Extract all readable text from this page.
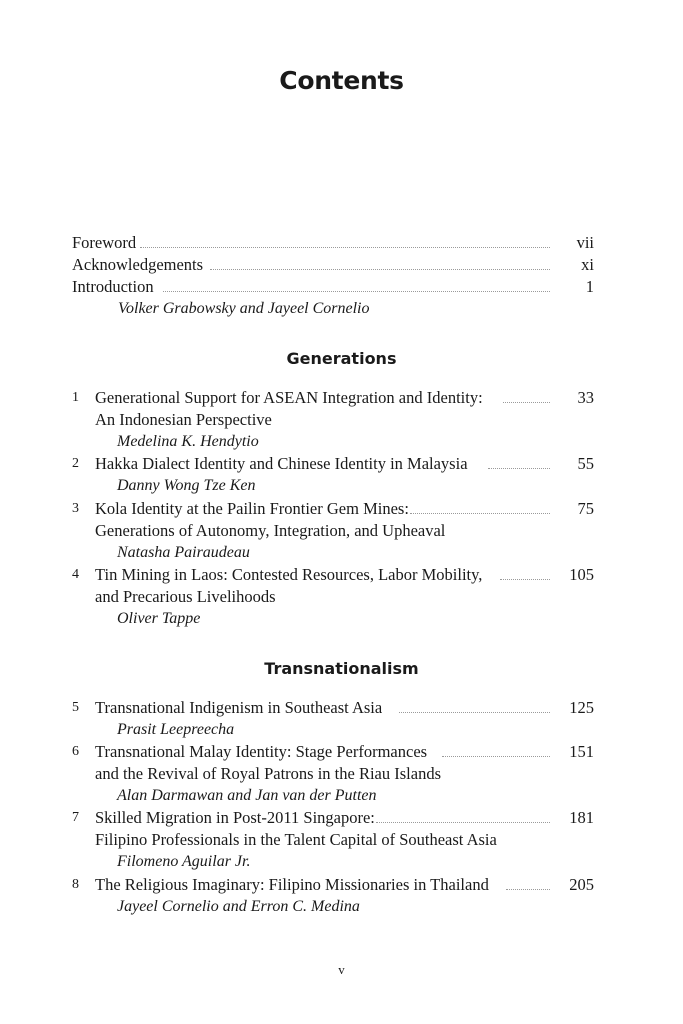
Contents
Foreword	vii
Acknowledgements	xi
Introduction	1
Volker Grabowsky and Jayeel Cornelio
Generations
1 Generational Support for ASEAN Integration and Identity:	33
An Indonesian Perspective
Medelina K. Hendytio
2 Hakka Dialect Identity and Chinese Identity in Malaysia	55
Danny Wong Tze Ken
3 Kola Identity at the Pailin Frontier Gem Mines:	75
Generations of Autonomy, Integration, and Upheaval
Natasha Pairaudeau
4 Tin Mining in Laos: Contested Resources, Labor Mobility,	105
and Precarious Livelihoods
Oliver Tappe
Transnationalism
5 Transnational Indigenism in Southeast Asia	125
Prasit Leepreecha
6 Transnational Malay Identity: Stage Performances	151
and the Revival of Royal Patrons in the Riau Islands
Alan Darmawan and Jan van der Putten
7 Skilled Migration in Post-2011 Singapore:	181
Filipino Professionals in the Talent Capital of Southeast Asia
Filomeno Aguilar Jr.
8 The Religious Imaginary: Filipino Missionaries in Thailand	205
Jayeel Cornelio and Erron C. Medina
v
